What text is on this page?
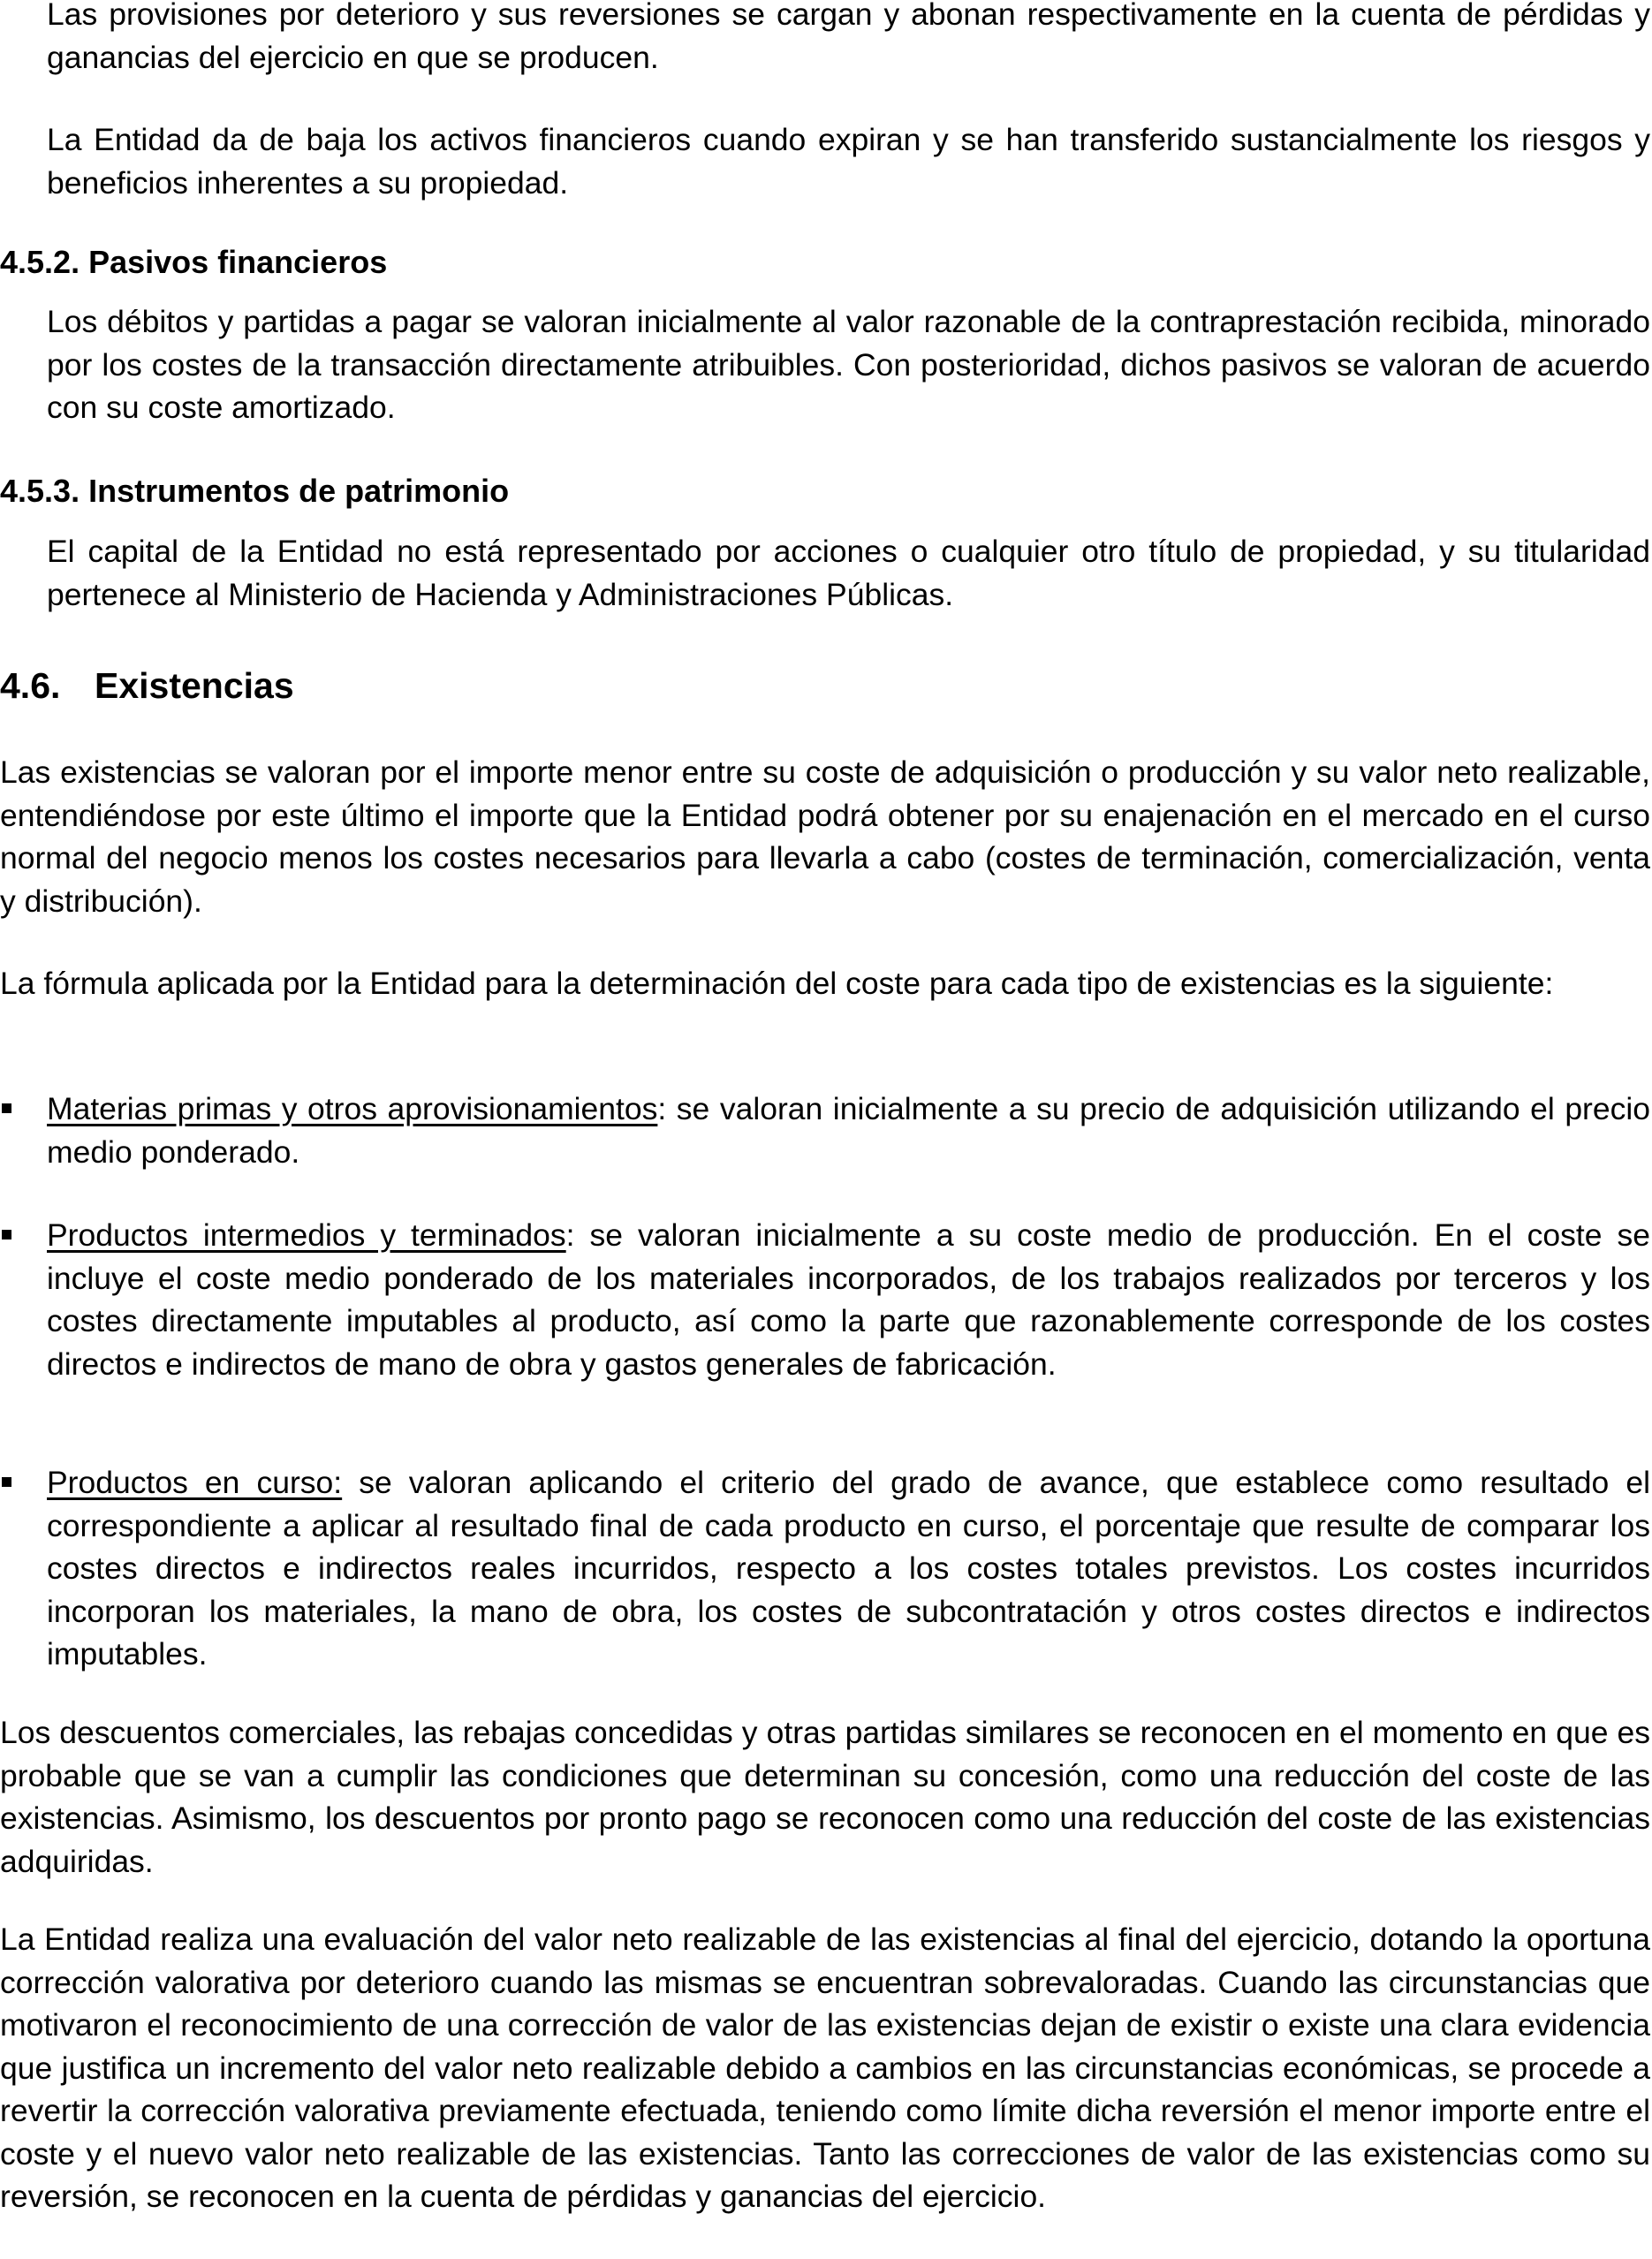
Las provisiones por deterioro y sus reversiones se cargan y abonan respectivamente en la cuenta de pérdidas y ganancias del ejercicio en que se producen.

La Entidad da de baja los activos financieros cuando expiran y se han transferido sustancialmente los riesgos y beneficios inherentes a su propiedad.

4.5.2. Pasivos financieros

Los débitos y partidas a pagar se valoran inicialmente al valor razonable de la contraprestación recibida, minorado por los costes de la transacción directamente atribuibles. Con posterioridad, dichos pasivos se valoran de acuerdo con su coste amortizado.

4.5.3. Instrumentos de patrimonio

El capital de la Entidad no está representado por acciones o cualquier otro título de propiedad, y su titularidad pertenece al Ministerio de Hacienda y Administraciones Públicas.

4.6. Existencias

Las existencias se valoran por el importe menor entre su coste de adquisición o producción y su valor neto realizable, entendiéndose por este último el importe que la Entidad podrá obtener por su enajenación en el mercado en el curso normal del negocio menos los costes necesarios para llevarla a cabo (costes de terminación, comercialización, venta y distribución).

La fórmula aplicada por la Entidad para la determinación del coste para cada tipo de existencias es la siguiente:

Materias primas y otros aprovisionamientos: se valoran inicialmente a su precio de adquisición utilizando el precio medio ponderado.

Productos intermedios y terminados: se valoran inicialmente a su coste medio de producción. En el coste se incluye el coste medio ponderado de los materiales incorporados, de los trabajos realizados por terceros y los costes directamente imputables al producto, así como la parte que razonablemente corresponde de los costes directos e indirectos de mano de obra y gastos generales de fabricación.

Productos en curso: se valoran aplicando el criterio del grado de avance, que establece como resultado el correspondiente a aplicar al resultado final de cada producto en curso, el porcentaje que resulte de comparar los costes directos e indirectos reales incurridos, respecto a los costes totales previstos. Los costes incurridos incorporan los materiales, la mano de obra, los costes de subcontratación y otros costes directos e indirectos imputables.

Los descuentos comerciales, las rebajas concedidas y otras partidas similares se reconocen en el momento en que es probable que se van a cumplir las condiciones que determinan su concesión, como una reducción del coste de las existencias. Asimismo, los descuentos por pronto pago se reconocen como una reducción del coste de las existencias adquiridas.

La Entidad realiza una evaluación del valor neto realizable de las existencias al final del ejercicio, dotando la oportuna corrección valorativa por deterioro cuando las mismas se encuentran sobrevaloradas. Cuando las circunstancias que motivaron el reconocimiento de una corrección de valor de las existencias dejan de existir o existe una clara evidencia que justifica un incremento del valor neto realizable debido a cambios en las circunstancias económicas, se procede a revertir la corrección valorativa previamente efectuada, teniendo como límite dicha reversión el menor importe entre el coste y el nuevo valor neto realizable de las existencias. Tanto las correcciones de valor de las existencias como su reversión, se reconocen en la cuenta de pérdidas y ganancias del ejercicio.
